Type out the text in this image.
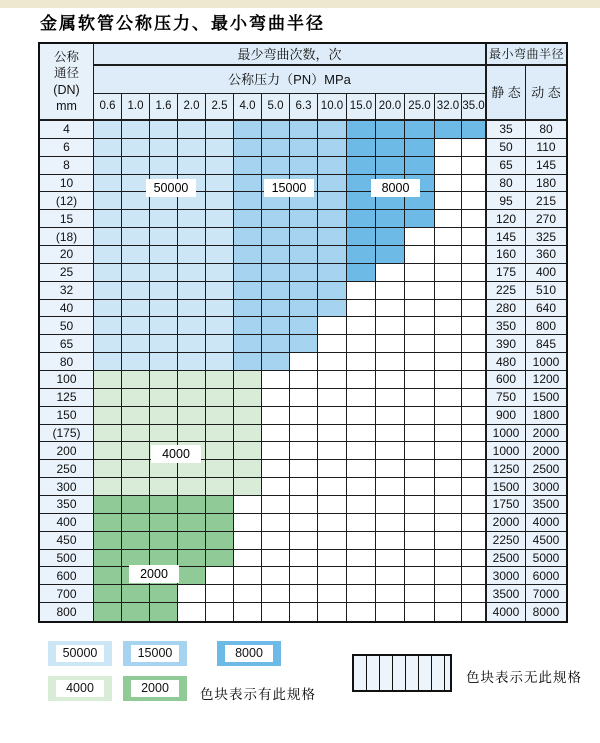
金属软管公称压力、最小弯曲半径
公称
通径
(DN)
mm
最少弯曲次数，次	最小弯曲半径
公称压力（PN）MPa
静 态 动 态
0.6	1.0	1.6	2.0	2.5	4.0	5.0	6.3 10.0 15.0 20.0 25.0 32.0 35.0
4	35	80
6	50	110
8	65	145
10	80	180
(12)	95	215
15	120	270
(18)	145	325
20	160	360
25	175	400
32	225	510
40	280	640
50	350	800
65	390	845
80	480	1000
100	600	1200
125	750	1500
150	900	1800
(175)	1000	2000
200	1000	2000
250	1250	2500
300	1500	3000
350	1750	3500
400	2000	4000
450	2250	4500
500	2500	5000
600	3000	6000
700	3500	7000
800	4000	8000
50000	15000	8000
4000
2000
50000	15000	8000
4000	2000	色块表示有此规格
色块表示无此规格
